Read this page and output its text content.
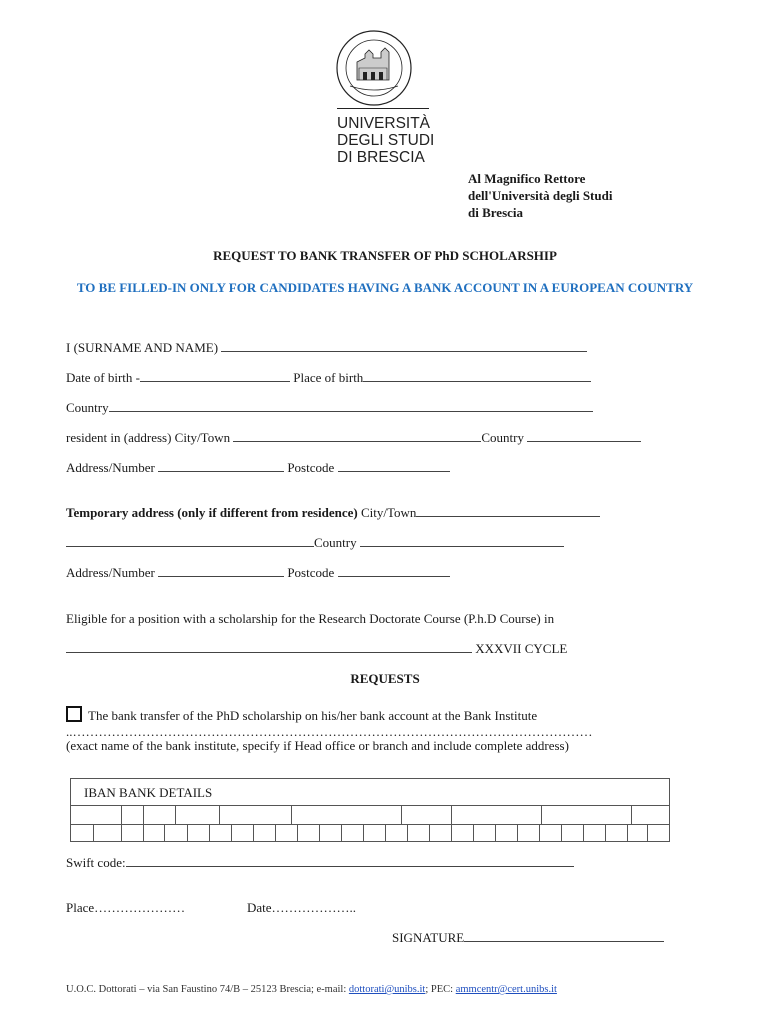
UNIVERSITÀ
DEGLI STUDI
DI BRESCIA
Al Magnifico Rettore
dell'Università degli Studi
di Brescia
REQUEST TO BANK TRANSFER OF PhD SCHOLARSHIP
TO BE FILLED-IN ONLY FOR CANDIDATES HAVING A BANK ACCOUNT IN A EUROPEAN COUNTRY
I (SURNAME AND NAME)
Date of birth -	Place of birth
Country
resident in (address) City/Town	Country
Address/Number	Postcode
Temporary address (only if different from residence) City/Town
Country
Address/Number	Postcode
Eligible for a position with a scholarship for the Research Doctorate Course (P.h.D Course) in
XXXVII CYCLE
REQUESTS
The bank transfer of the PhD scholarship on his/her bank account at the Bank Institute
..…………………………………………………………………………………………………………
(exact name of the bank institute, specify if Head office or branch and include complete address)
IBAN BANK DETAILS
Swift code:
Place…………………	Date………………..
SIGNATURE
U.O.C. Dottorati – via San Faustino 74/B – 25123 Brescia; e-mail: dottorati@unibs.it; PEC: ammcentr@cert.unibs.it
